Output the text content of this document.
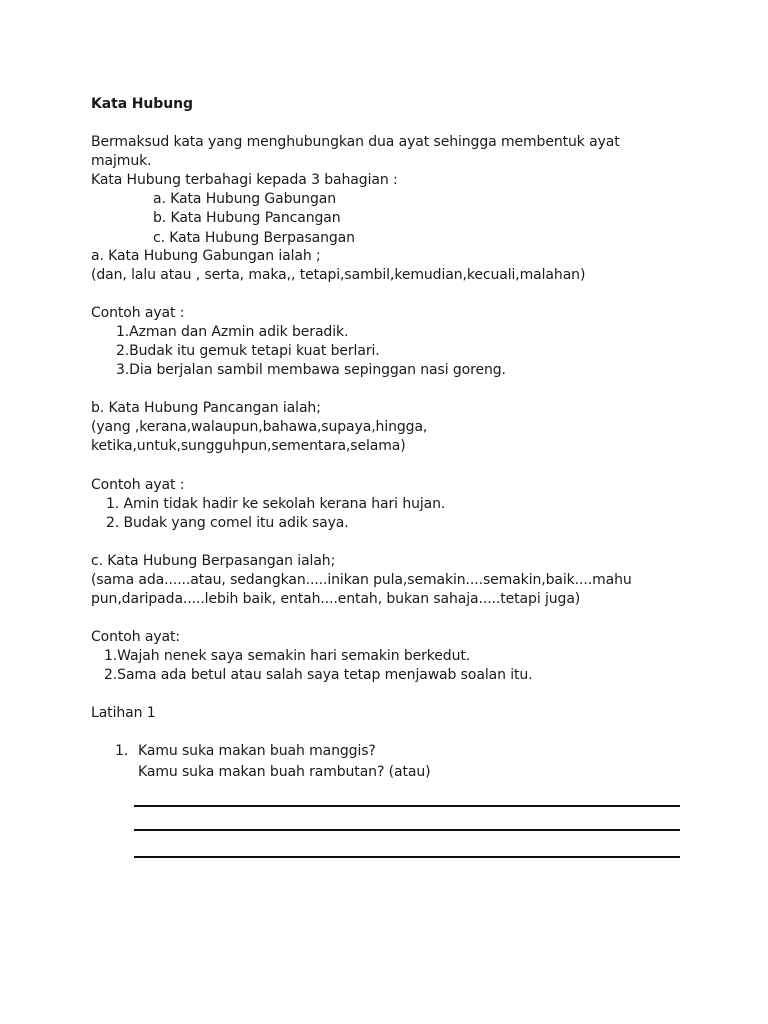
Kata Hubung
Bermaksud kata yang menghubungkan dua ayat sehingga membentuk ayat
majmuk.
Kata Hubung terbahagi kepada 3 bahagian :
a. Kata Hubung Gabungan
b. Kata Hubung Pancangan
c. Kata Hubung Berpasangan
a. Kata Hubung Gabungan ialah ;
(dan, lalu atau , serta, maka,, tetapi,sambil,kemudian,kecuali,malahan)
Contoh ayat :
1.Azman dan Azmin adik beradik.
2.Budak itu gemuk tetapi kuat berlari.
3.Dia berjalan sambil membawa sepinggan nasi goreng.
b. Kata Hubung Pancangan ialah;
(yang ,kerana,walaupun,bahawa,supaya,hingga,
ketika,untuk,sungguhpun,sementara,selama)
Contoh ayat :
1. Amin tidak hadir ke sekolah kerana hari hujan.
2. Budak yang comel itu adik saya.
c. Kata Hubung Berpasangan ialah;
(sama ada......atau, sedangkan.....inikan pula,semakin....semakin,baik....mahu
pun,daripada.....lebih baik, entah....entah, bukan sahaja.....tetapi juga)
Contoh ayat:
1.Wajah nenek saya semakin hari semakin berkedut.
2.Sama ada betul atau salah saya tetap menjawab soalan itu.
Latihan 1
1. Kamu suka makan buah manggis?
Kamu suka makan buah rambutan? (atau)
